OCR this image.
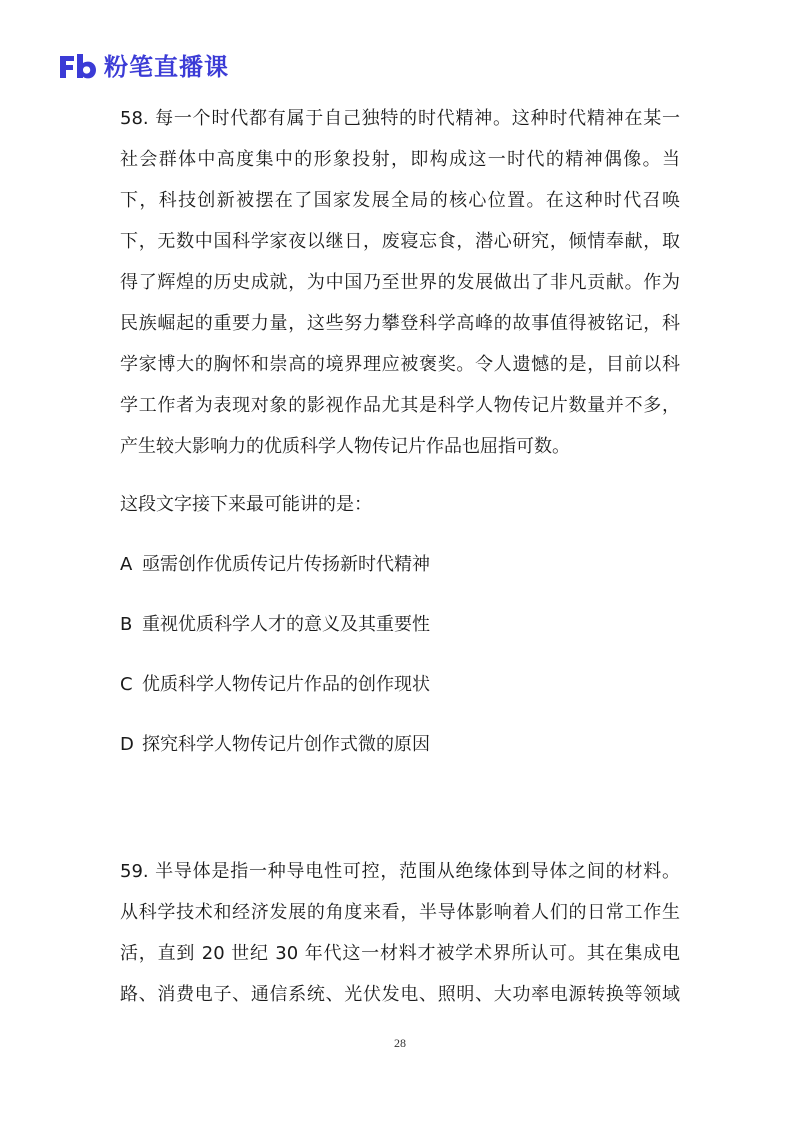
粉笔直播课
58. 每一个时代都有属于自己独特的时代精神。这种时代精神在某一
社会群体中高度集中的形象投射，即构成这一时代的精神偶像。当
下，科技创新被摆在了国家发展全局的核心位置。在这种时代召唤
下，无数中国科学家夜以继日，废寝忘食，潜心研究，倾情奉献，取
得了辉煌的历史成就，为中国乃至世界的发展做出了非凡贡献。作为
民族崛起的重要力量，这些努力攀登科学高峰的故事值得被铭记，科
学家博大的胸怀和崇高的境界理应被褒奖。令人遗憾的是，目前以科
学工作者为表现对象的影视作品尤其是科学人物传记片数量并不多，
产生较大影响力的优质科学人物传记片作品也屈指可数。

这段文字接下来最可能讲的是：

A 亟需创作优质传记片传扬新时代精神
B 重视优质科学人才的意义及其重要性
C 优质科学人物传记片作品的创作现状
D 探究科学人物传记片创作式微的原因
59. 半导体是指一种导电性可控，范围从绝缘体到导体之间的材料。
从科学技术和经济发展的角度来看，半导体影响着人们的日常工作生
活，直到 20 世纪 30 年代这一材料才被学术界所认可。其在集成电
路、消费电子、通信系统、光伏发电、照明、大功率电源转换等领域
28
